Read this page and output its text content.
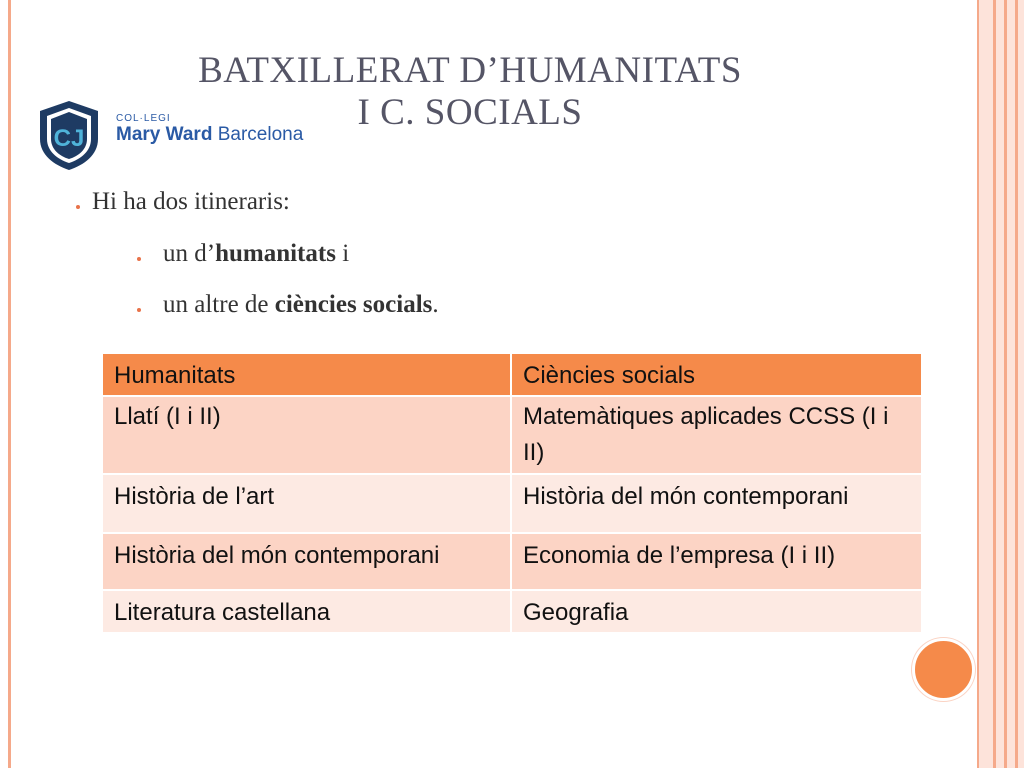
BATXILLERAT D’HUMANITATS
I C. SOCIALS
CJ
COL·LEGI
Mary Ward Barcelona
Hi ha dos itineraris:
un d’humanitats i
un altre de ciències socials.
Humanitats	Ciències socials
Llatí (I i II)	Matemàtiques aplicades CCSS (I i II)
Història de l’art	Història del món contemporani
Història del món contemporani	Economia de l’empresa (I i II)
Literatura castellana	Geografia
